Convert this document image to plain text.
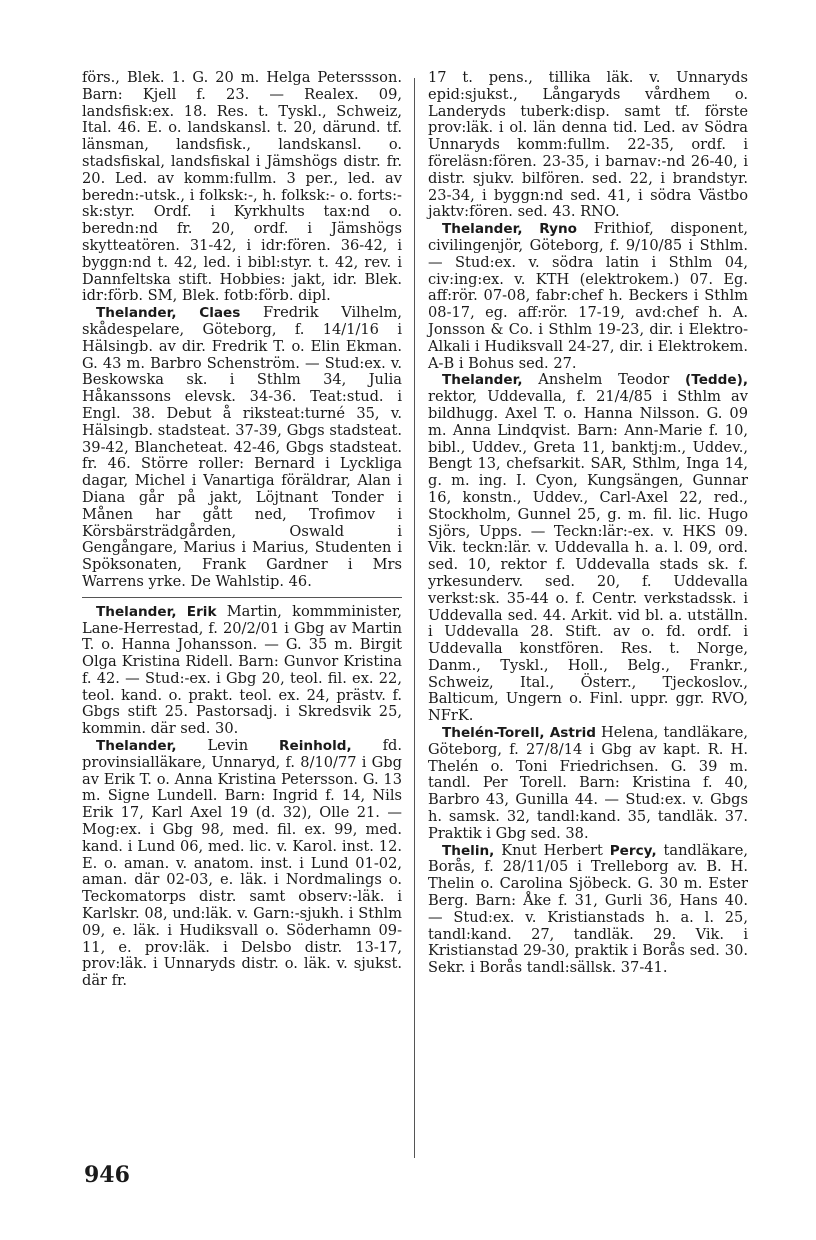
förs., Blek. 1. G. 20 m. Helga Peterssson. Barn: Kjell f. 23. — Realex. 09, landsfisk:ex. 18. Res. t. Tyskl., Schweiz, Ital. 46. E. o. landskansl. t. 20, därund. tf. länsman, landsfisk., landskansl. o. stadsfiskal, landsfiskal i Jämshögs distr. fr. 20. Led. av komm:fullm. 3 per., led. av beredn:-utsk., i folksk:-, h. folksk:- o. forts:-sk:styr. Ordf. i Kyrkhults tax:nd o. beredn:nd fr. 20, ordf. i Jämshögs skytteatören. 31-42, i idr:fören. 36-42, i byggn:nd t. 42, led. i bibl:styr. t. 42, rev. i Dannfeltska stift. Hobbies: jakt, idr. Blek. idr:förb. SM, Blek. fotb:förb. dipl.

Thelander, Claes Fredrik Vilhelm, skådespelare, Göteborg, f. 14/1/16 i Hälsingb. av dir. Fredrik T. o. Elin Ekman. G. 43 m. Barbro Schenström. — Stud:ex. v. Beskowska sk. i Sthlm 34, Julia Håkanssons elevsk. 34-36. Teat:stud. i Engl. 38. Debut å riksteat:turné 35, v. Hälsingb. stadsteat. 37-39, Gbgs stadsteat. 39-42, Blancheteat. 42-46, Gbgs stadsteat. fr. 46. Större roller: Bernard i Lyckliga dagar, Michel i Vanartiga föräldrar, Alan i Diana går på jakt, Löjtnant Tonder i Månen har gått ned, Trofimov i Körsbärsträdgården, Oswald i Gengångare, Marius i Marius, Studenten i Spöksonaten, Frank Gardner i Mrs Warrens yrke. De Wahlstip. 46.

Thelander, Erik Martin, kommminister, Lane-Herrestad, f. 20/2/01 i Gbg av Martin T. o. Hanna Johansson. — G. 35 m. Birgit Olga Kristina Ridell. Barn: Gunvor Kristina f. 42. — Stud:-ex. i Gbg 20, teol. fil. ex. 22, teol. kand. o. prakt. teol. ex. 24, prästv. f. Gbgs stift 25. Pastorsadj. i Skredsvik 25, kommin. där sed. 30.

Thelander, Levin Reinhold, fd. provinsialläkare, Unnaryd, f. 8/10/77 i Gbg av Erik T. o. Anna Kristina Petersson. G. 13 m. Signe Lundell. Barn: Ingrid f. 14, Nils Erik 17, Karl Axel 19 (d. 32), Olle 21. — Mog:ex. i Gbg 98, med. fil. ex. 99, med. kand. i Lund 06, med. lic. v. Karol. inst. 12. E. o. aman. v. anatom. inst. i Lund 01-02, aman. där 02-03, e. läk. i Nordmalings o. Teckomatorps distr. samt observ:-läk. i Karlskr. 08, und:läk. v. Garn:-sjukh. i Sthlm 09, e. läk. i Hudiksvall o. Söderhamn 09-11, e. prov:läk. i Delsbo distr. 13-17, prov:läk. i Unnaryds distr. o. läk. v. sjukst. där fr.

17 t. pens., tillika läk. v. Unnaryds epid:sjukst., Långaryds vårdhem o. Landeryds tuberk:disp. samt tf. förste prov:läk. i ol. län denna tid. Led. av Södra Unnaryds komm:fullm. 22-35, ordf. i föreläsn:fören. 23-35, i barnav:-nd 26-40, i distr. sjukv. bilfören. sed. 22, i brandstyr. 23-34, i byggn:nd sed. 41, i södra Västbo jaktv:fören. sed. 43. RNO.

Thelander, Ryno Frithiof, disponent, civilingenjör, Göteborg, f. 9/10/85 i Sthlm. — Stud:ex. v. södra latin i Sthlm 04, civ:ing:ex. v. KTH (elektrokem.) 07. Eg. aff:rör. 07-08, fabr:chef h. Beckers i Sthlm 08-17, eg. aff:rör. 17-19, avd:chef h. A. Jonsson & Co. i Sthlm 19-23, dir. i Elektro-Alkali i Hudiksvall 24-27, dir. i Elektrokem. A-B i Bohus sed. 27.

Thelander, Anshelm Teodor (Tedde), rektor, Uddevalla, f. 21/4/85 i Sthlm av bildhugg. Axel T. o. Hanna Nilsson. G. 09 m. Anna Lindqvist. Barn: Ann-Marie f. 10, bibl., Uddev., Greta 11, banktj:m., Uddev., Bengt 13, chefsarkit. SAR, Sthlm, Inga 14, g. m. ing. I. Cyon, Kungsängen, Gunnar 16, konstn., Uddev., Carl-Axel 22, red., Stockholm, Gunnel 25, g. m. fil. lic. Hugo Sjörs, Upps. — Teckn:lär:-ex. v. HKS 09. Vik. teckn:lär. v. Uddevalla h. a. l. 09, ord. sed. 10, rektor f. Uddevalla stads sk. f. yrkesunderv. sed. 20, f. Uddevalla verkst:sk. 35-44 o. f. Centr. verkstadssk. i Uddevalla sed. 44. Arkit. vid bl. a. utställn. i Uddevalla 28. Stift. av o. fd. ordf. i Uddevalla konstfören. Res. t. Norge, Danm., Tyskl., Holl., Belg., Frankr., Schweiz, Ital., Österr., Tjeckoslov., Balticum, Ungern o. Finl. uppr. ggr. RVO, NFrK.

Thelén-Torell, Astrid Helena, tandläkare, Göteborg, f. 27/8/14 i Gbg av kapt. R. H. Thelén o. Toni Friedrichsen. G. 39 m. tandl. Per Torell. Barn: Kristina f. 40, Barbro 43, Gunilla 44. — Stud:ex. v. Gbgs h. samsk. 32, tandl:kand. 35, tandläk. 37. Praktik i Gbg sed. 38.

Thelin, Knut Herbert Percy, tandläkare, Borås, f. 28/11/05 i Trelleborg av. B. H. Thelin o. Carolina Sjöbeck. G. 30 m. Ester Berg. Barn: Åke f. 31, Gurli 36, Hans 40. — Stud:ex. v. Kristianstads h. a. l. 25, tandl:kand. 27, tandläk. 29. Vik. i Kristianstad 29-30, praktik i Borås sed. 30. Sekr. i Borås tandl:sällsk. 37-41.

946
